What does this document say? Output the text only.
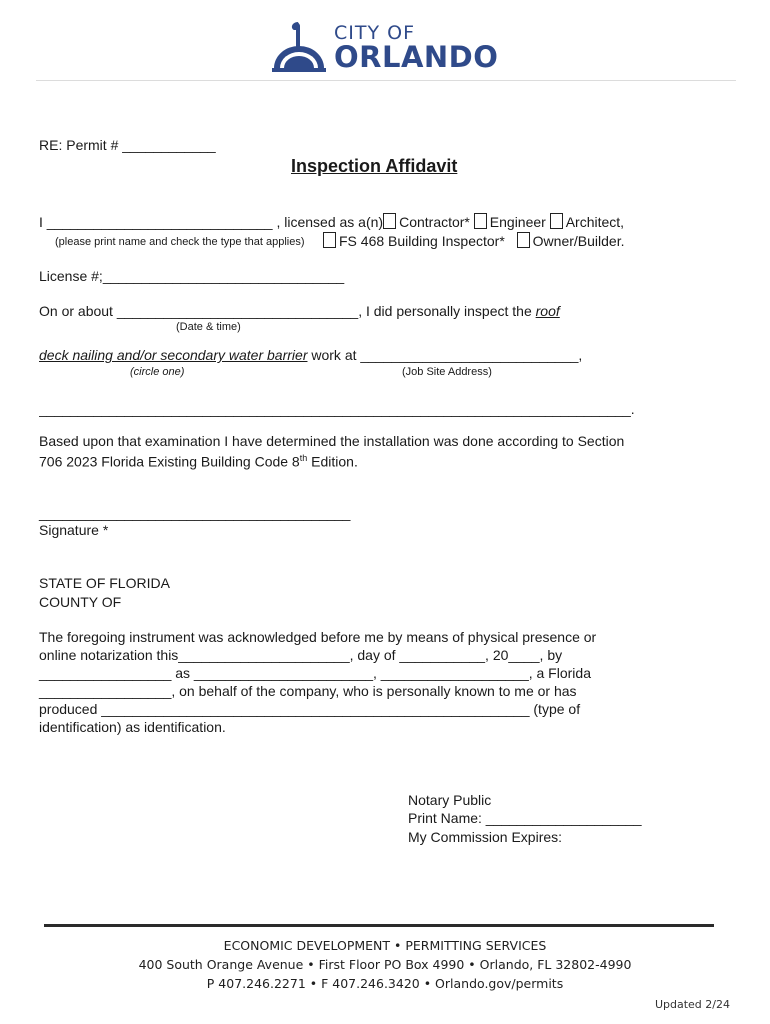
CITY OF
ORLANDO
RE: Permit # ____________
Inspection Affidavit
I _____________________________ , licensed as a(n) Contractor* Engineer Architect,
(please print name and check the type that applies)	FS 468 Building Inspector* Owner/Builder.
License #;_______________________________
On or about _______________________________, I did personally inspect the roof
(Date & time)
deck nailing and/or secondary water barrier work at ____________________________,
(circle one)	(Job Site Address)
____________________________________________________________________________.
Based upon that examination I have determined the installation was done according to Section
706 2023 Florida Existing Building Code 8th Edition.
________________________________________
Signature *
STATE OF FLORIDA
COUNTY OF
The foregoing instrument was acknowledged before me by means of physical presence or
online notarization this______________________, day of ___________, 20____, by
_________________ as _______________________, ___________________, a Florida
_________________, on behalf of the company, who is personally known to me or has
produced _______________________________________________________ (type of
identification) as identification.
Notary Public
Print Name: ____________________
My Commission Expires:
ECONOMIC DEVELOPMENT • PERMITTING SERVICES
400 South Orange Avenue • First Floor PO Box 4990 • Orlando, FL 32802-4990
P 407.246.2271 • F 407.246.3420 • Orlando.gov/permits
Updated 2/24
